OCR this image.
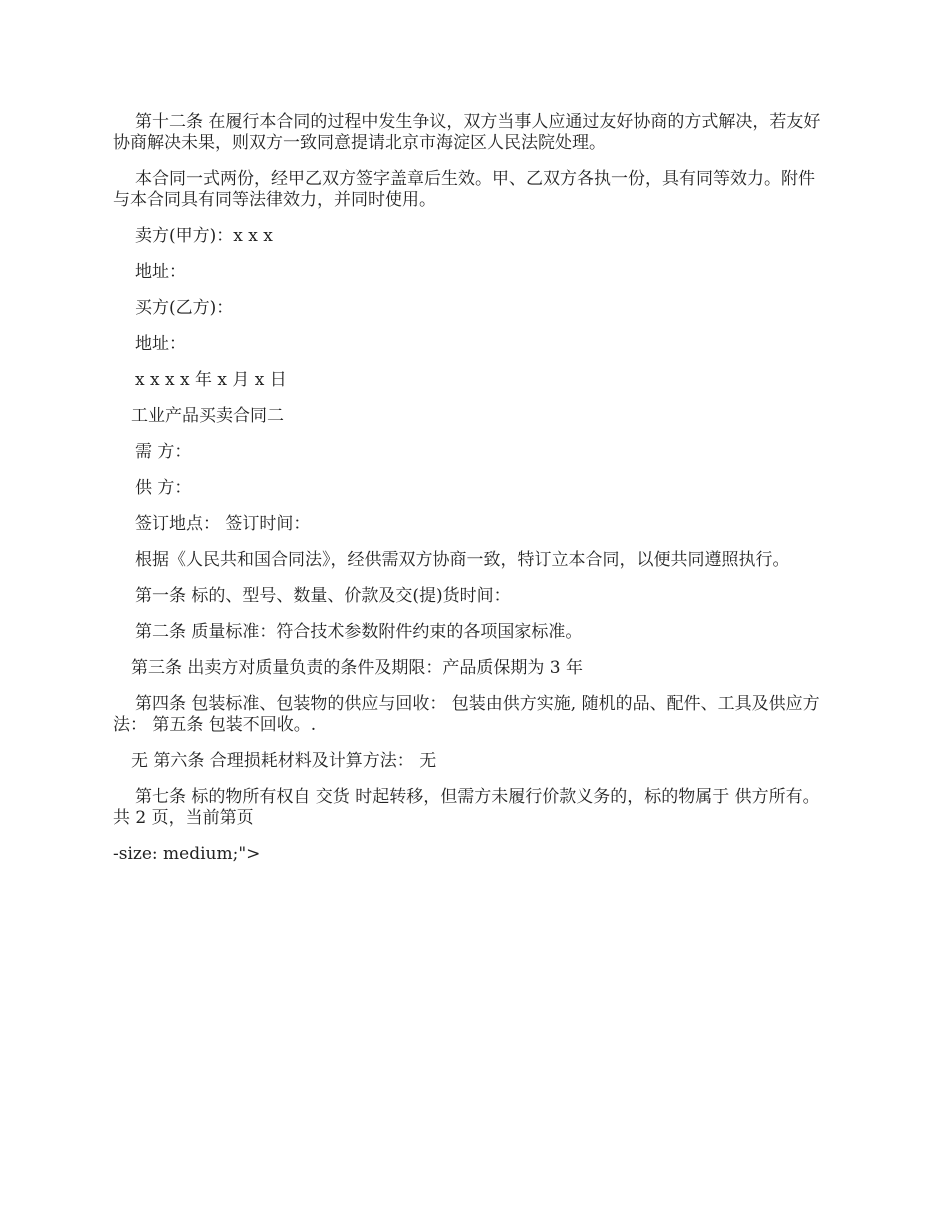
第十二条 在履行本合同的过程中发生争议，双方当事人应通过友好协商的方式解决，若友好协商解决未果，则双方一致同意提请北京市海淀区人民法院处理。

本合同一式两份，经甲乙双方签字盖章后生效。甲、乙双方各执一份，具有同等效力。附件与本合同具有同等法律效力，并同时使用。

卖方(甲方)：x x x

地址：

买方(乙方)：

地址：

x x x x 年 x 月 x 日

工业产品买卖合同二

需 方：

供 方：

签订地点： 签订时间：

根据《人民共和国合同法》，经供需双方协商一致，特订立本合同，以便共同遵照执行。

第一条 标的、型号、数量、价款及交(提)货时间：

第二条 质量标准：符合技术参数附件约束的各项国家标准。

第三条 出卖方对质量负责的条件及期限：产品质保期为 3 年

第四条 包装标准、包装物的供应与回收： 包装由供方实施, 随机的品、配件、工具及供应方法： 第五条 包装不回收。.

无 第六条 合理损耗材料及计算方法： 无

第七条 标的物所有权自 交货 时起转移，但需方未履行价款义务的，标的物属于 供方所有。共 2 页，当前第页

-size: medium;">
